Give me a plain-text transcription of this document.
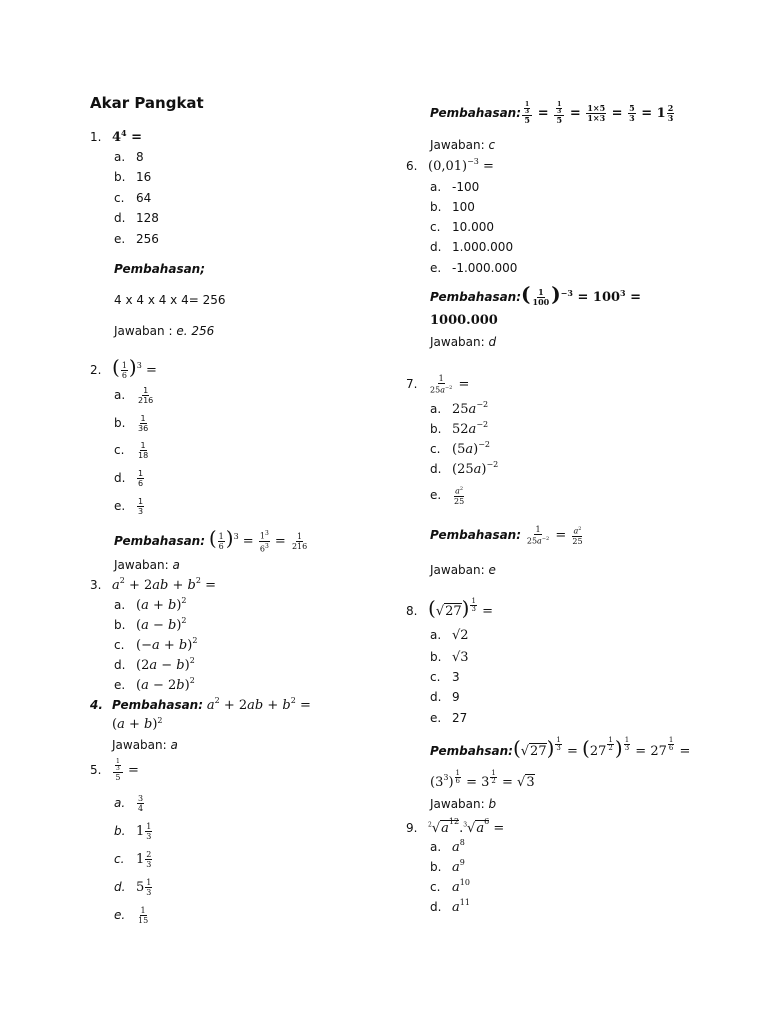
Akar Pangkat
1. $4^4$ =
a. 8
b. 16
c. 64
d. 128
e. 256
Pembahasan;
4 x 4 x 4 x 4= 256
Jawaban : e. 256
2. ( $\frac{1}{6} )^3$ =
a. $\frac{1}{216}$
b. $\frac{1}{36}$
c. $\frac{1}{18}$
d. $\frac{1}{6}$
e. $\frac{1}{3}$
Pembahasan: ( $\frac{1}{6} )^3 = \frac{1^3}{6^3} = \frac{1}{216}$
Jawaban: a
3. $a^2 + 2ab + b^2$ =
a. $(a + b)^2$
b. $(a - b)^2$
c. $(-a + b)^2$
d. $(2a - b)^2$
e. $(a - 2b)^2$
4. Pembahasan: $a^2 + 2ab + b^2$ =
$(a + b)^2$
Jawaban: a
5. $\frac{\frac{1}{3}}{5}$ =
a. $\frac{3}{4}$
b. $1 \frac{1}{3}$
c. $1 \frac{2}{3}$
d. $5 \frac{1}{3}$
e. $\frac{1}{15}$
Pembahasan: $\frac{\frac{1}{3}}{5} = \frac{\frac{1}{3}}{5} = \frac{1\times 5}{1\times 3} = \frac{5}{3} = 1 \frac{2}{3}$
Jawaban: c
6. $(0,01)^{-3}$ =
a. -100
b. 100
c. 10.000
d. 1.000.000
e. -1.000.000
Pembahasan:( $\frac{1}{100} )^{-3} = 100^3$ =
1000.000
Jawaban: d
7. $\frac{1}{25a^{-2}}$ =
a. $25a^{-2}$
b. $52a^{-2}$
c. $(5a)^{-2}$
d. $(25a)^{-2}$
e. $\frac{a^2}{25}$
Pembahasan: $\frac{1}{25a^{-2}} = \frac{a^2}{25}$
Jawaban: e
8. $(√27) \frac{1}{3}$ =
a. √2
b. √3
c. 3
d. 9
e. 27
Pembahsan:(√27) $\frac{1}{3} = (27 \frac{1}{2}$ ) $\frac{1}{3} = 27 \frac{1}{6}$ =
$(3^3) \frac{1}{6} = 3 \frac{1}{2} = √3$
Jawaban: b
9. $^2√a^{12}.^3√a^6$ =
a. $a^8$
b. $a^9$
c. $a^{10}$
d. $a^{11}$
